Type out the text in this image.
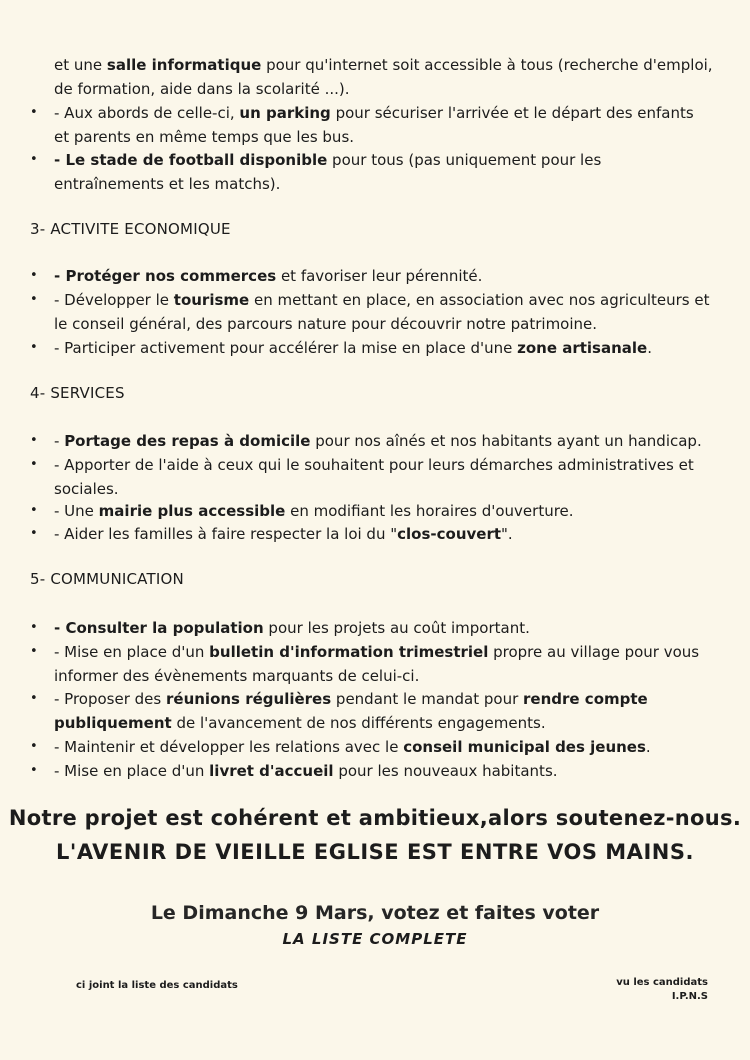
et une salle informatique pour qu'internet soit accessible à tous (recherche d'emploi, de formation, aide dans la scolarité ...).
•	- Aux abords de celle-ci, un parking pour sécuriser l'arrivée et le départ des enfants et parents en même temps que les bus.
•	- Le stade de football disponible pour tous (pas uniquement pour les entraînements et les matchs).
3- ACTIVITE ECONOMIQUE
•	- Protéger nos commerces et favoriser leur pérennité.
•	- Développer le tourisme en mettant en place, en association avec nos agriculteurs et le conseil général, des parcours nature pour découvrir notre patrimoine.
•	- Participer activement pour accélérer la mise en place d'une zone artisanale.
4- SERVICES
•	- Portage des repas à domicile pour nos aînés et nos habitants ayant un handicap.
•	- Apporter de l'aide à ceux qui le souhaitent pour leurs démarches administratives et sociales.
•	- Une mairie plus accessible en modifiant les horaires d'ouverture.
•	- Aider les familles à faire respecter la loi du "clos-couvert".
5- COMMUNICATION
•	- Consulter la population pour les projets au coût important.
•	- Mise en place d'un bulletin d'information trimestriel propre au village pour vous informer des évènements marquants de celui-ci.
•	- Proposer des réunions régulières pendant le mandat pour rendre compte publiquement de l'avancement de nos différents engagements.
•	- Maintenir et développer les relations avec le conseil municipal des jeunes.
•	- Mise en place d'un livret d'accueil pour les nouveaux habitants.
Notre projet est cohérent et ambitieux,alors soutenez-nous.
L'AVENIR DE VIEILLE EGLISE EST ENTRE VOS MAINS.
Le Dimanche 9 Mars, votez et faites voter
LA LISTE COMPLETE
ci joint la liste des candidats	vu les candidats
I.P.N.S
